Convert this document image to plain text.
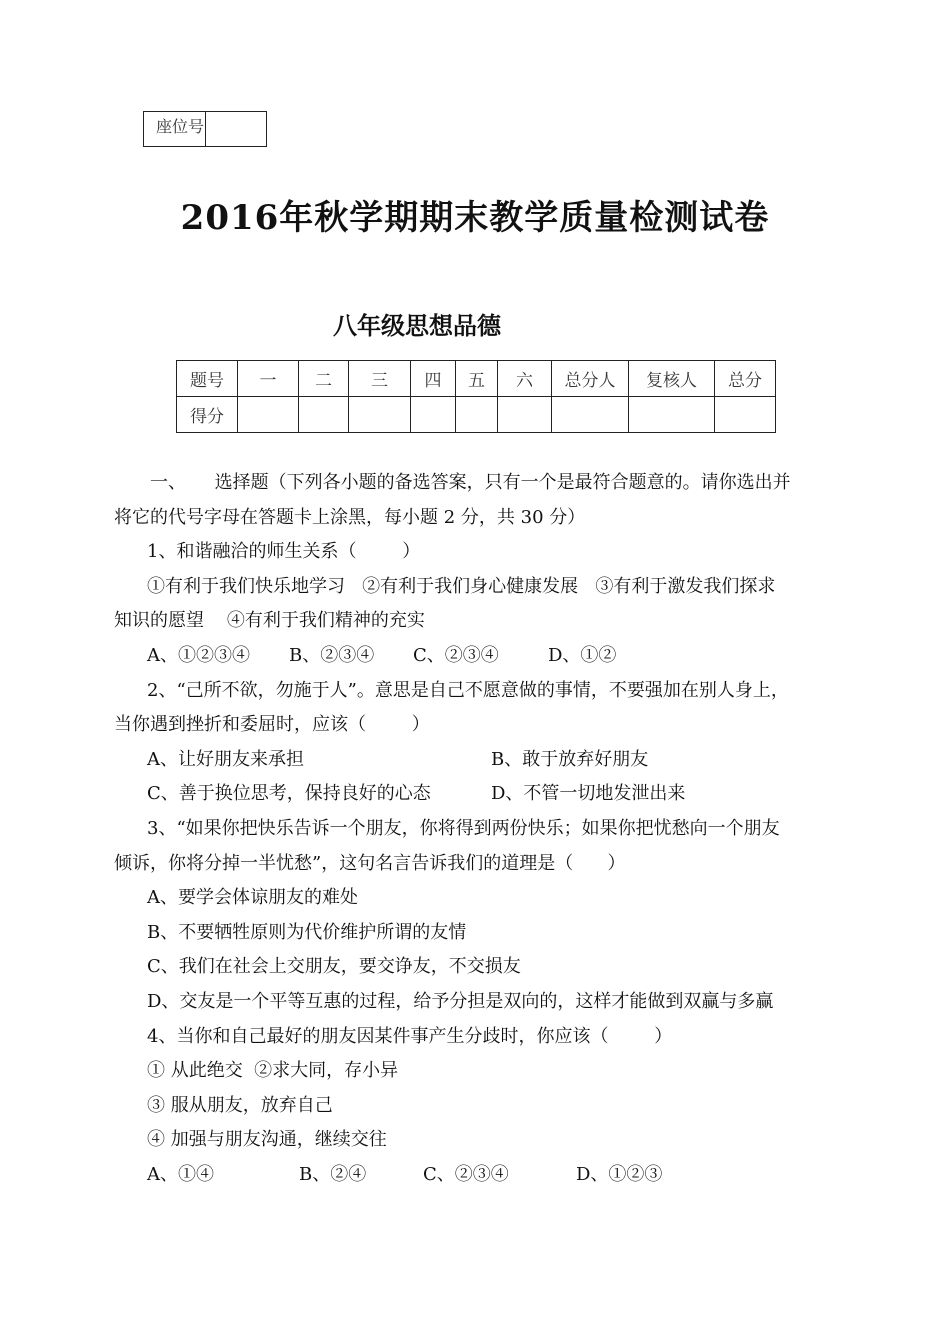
座位号
2016年秋学期期末教学质量检测试卷
八年级思想品德
题号	一	二	三	四	五	六	总分人	复核人	总分
得分									

一、     选择题（下列各小题的备选答案，只有一个是最符合题意的。请你选出并

将它的代号字母在答题卡上涂黑，每小题 2 分，共 30 分）

1、和谐融洽的师生关系（        ）

①有利于我们快乐地学习   ②有利于我们身心健康发展   ③有利于激发我们探求

知识的愿望    ④有利于我们精神的充实

A、①②③④	B、②③④	C、②③④	D、①②

2、“己所不欲，勿施于人”。意思是自己不愿意做的事情，不要强加在别人身上，

当你遇到挫折和委屈时，应该（        ）

A、让好朋友来承担	B、敢于放弃好朋友
C、善于换位思考，保持良好的心态	D、不管一切地发泄出来

3、“如果你把快乐告诉一个朋友，你将得到两份快乐；如果你把忧愁向一个朋友

倾诉，你将分掉一半忧愁”，这句名言告诉我们的道理是（      ）

A、要学会体谅朋友的难处

B、不要牺牲原则为代价维护所谓的友情

C、我们在社会上交朋友，要交诤友，不交损友

D、交友是一个平等互惠的过程，给予分担是双向的，这样才能做到双赢与多赢

4、当你和自己最好的朋友因某件事产生分歧时，你应该（        ）

① 从此绝交  ②求大同，存小异

③ 服从朋友，放弃自己

④ 加强与朋友沟通，继续交往

A、①④	B、②④	C、②③④	D、①②③
